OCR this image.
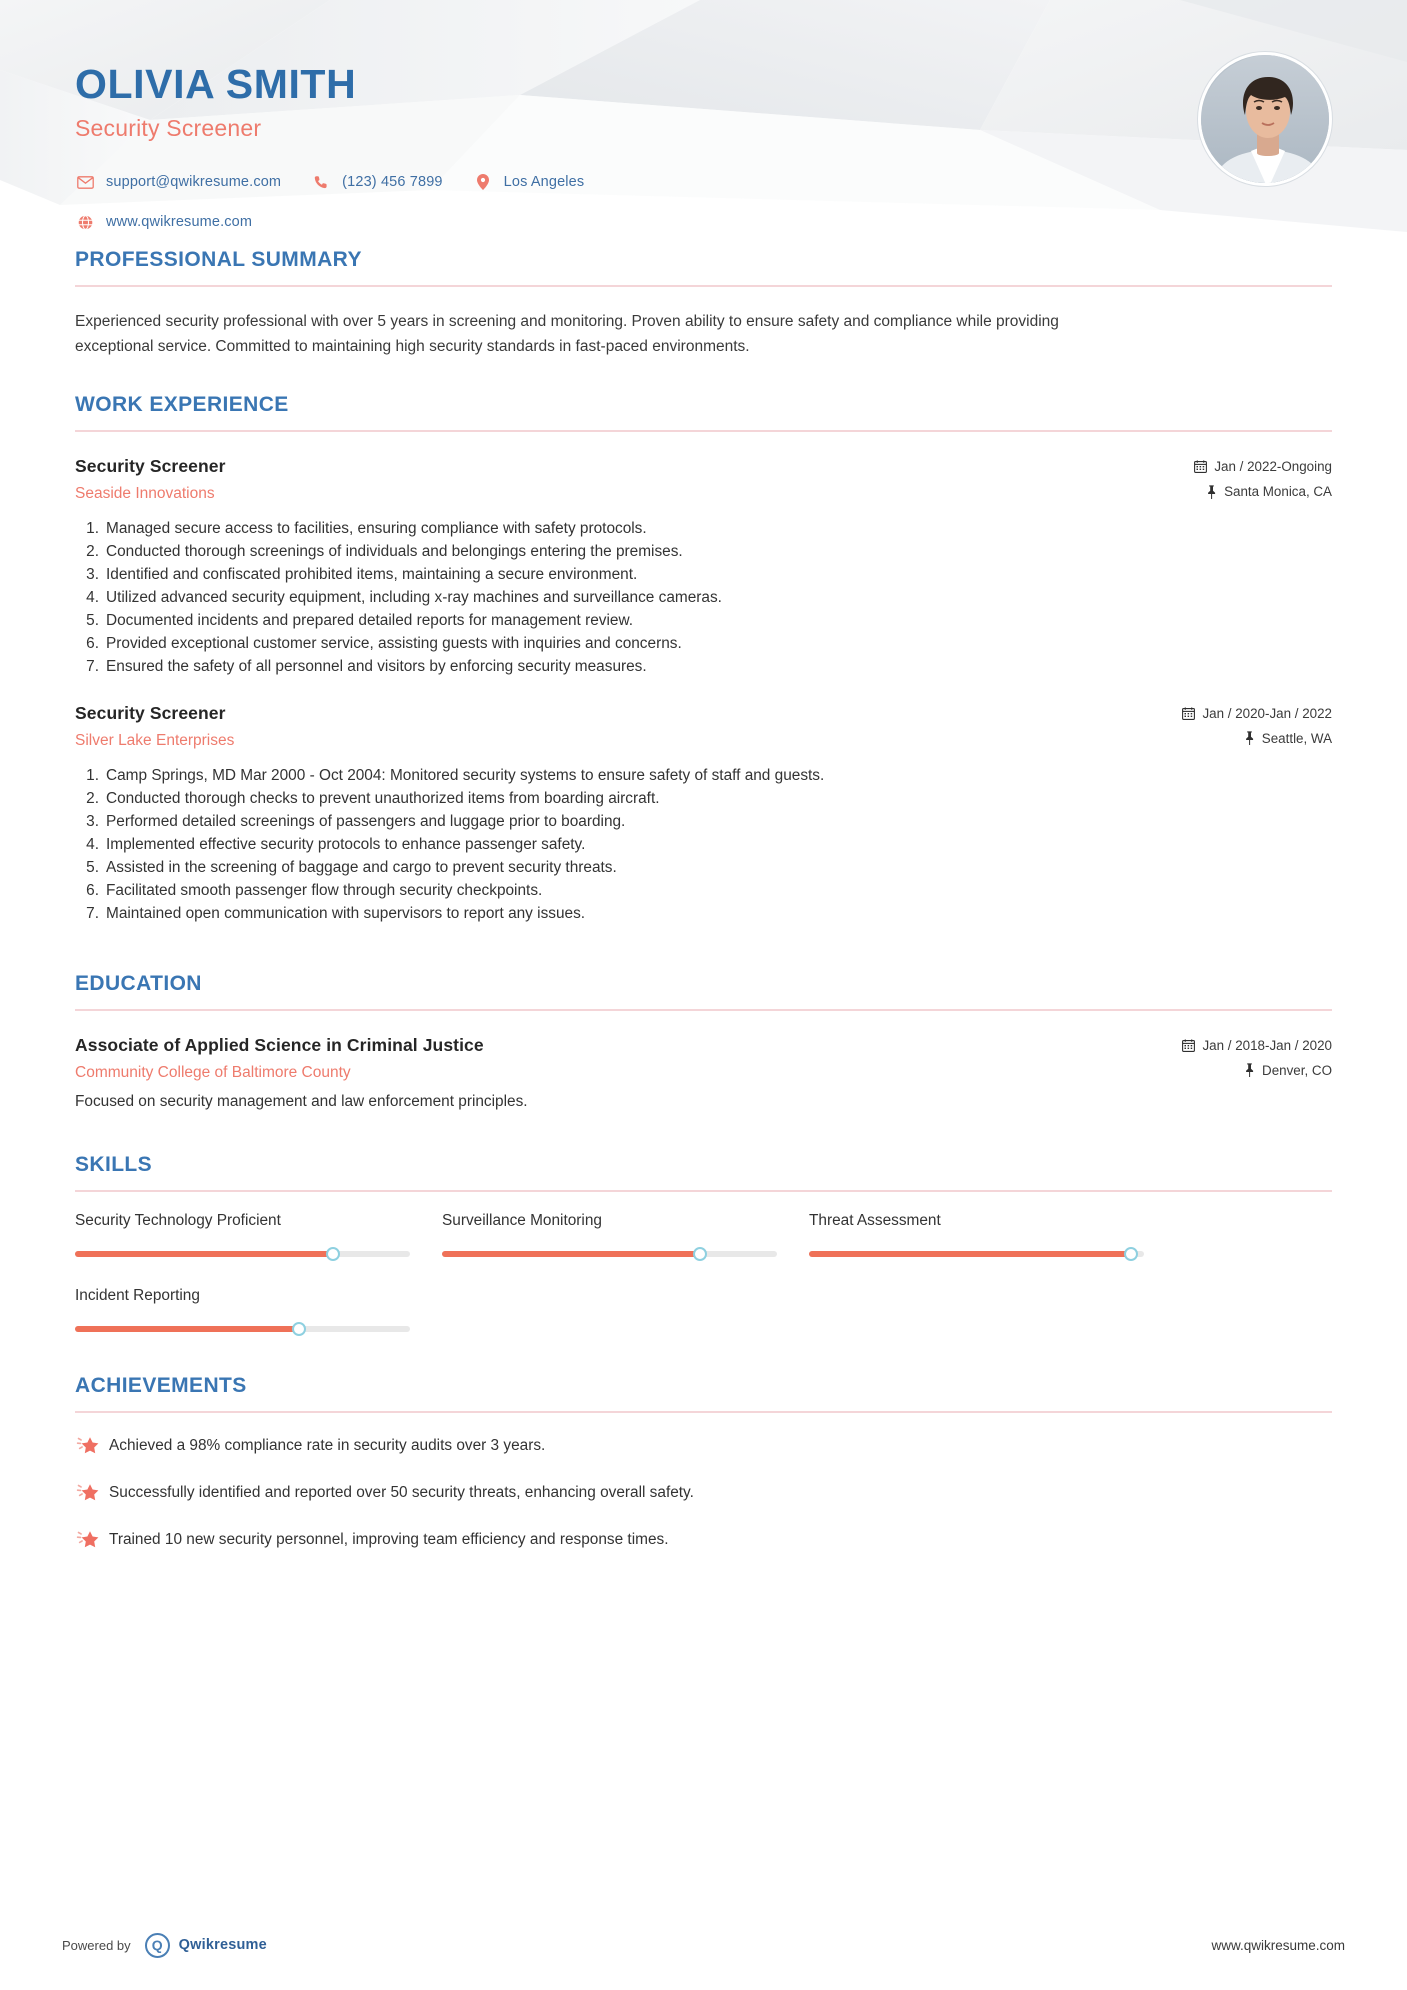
OLIVIA SMITH
Security Screener
support@qwikresume.com	(123) 456 7899	Los Angeles
www.qwikresume.com
PROFESSIONAL SUMMARY
Experienced security professional with over 5 years in screening and monitoring. Proven ability to ensure safety and compliance while providing exceptional service. Committed to maintaining high security standards in fast-paced environments.
WORK EXPERIENCE
Security Screener
Seaside Innovations
Jan / 2022-Ongoing
Santa Monica, CA
1. Managed secure access to facilities, ensuring compliance with safety protocols.
2. Conducted thorough screenings of individuals and belongings entering the premises.
3. Identified and confiscated prohibited items, maintaining a secure environment.
4. Utilized advanced security equipment, including x-ray machines and surveillance cameras.
5. Documented incidents and prepared detailed reports for management review.
6. Provided exceptional customer service, assisting guests with inquiries and concerns.
7. Ensured the safety of all personnel and visitors by enforcing security measures.
Security Screener
Silver Lake Enterprises
Jan / 2020-Jan / 2022
Seattle, WA
1. Camp Springs, MD Mar 2000 - Oct 2004: Monitored security systems to ensure safety of staff and guests.
2. Conducted thorough checks to prevent unauthorized items from boarding aircraft.
3. Performed detailed screenings of passengers and luggage prior to boarding.
4. Implemented effective security protocols to enhance passenger safety.
5. Assisted in the screening of baggage and cargo to prevent security threats.
6. Facilitated smooth passenger flow through security checkpoints.
7. Maintained open communication with supervisors to report any issues.
EDUCATION
Associate of Applied Science in Criminal Justice
Community College of Baltimore County
Jan / 2018-Jan / 2020
Denver, CO
Focused on security management and law enforcement principles.
SKILLS
Security Technology Proficient	Surveillance Monitoring	Threat Assessment
Incident Reporting
ACHIEVEMENTS
Achieved a 98% compliance rate in security audits over 3 years.
Successfully identified and reported over 50 security threats, enhancing overall safety.
Trained 10 new security personnel, improving team efficiency and response times.
Powered by	Q	Qwikresume	www.qwikresume.com
